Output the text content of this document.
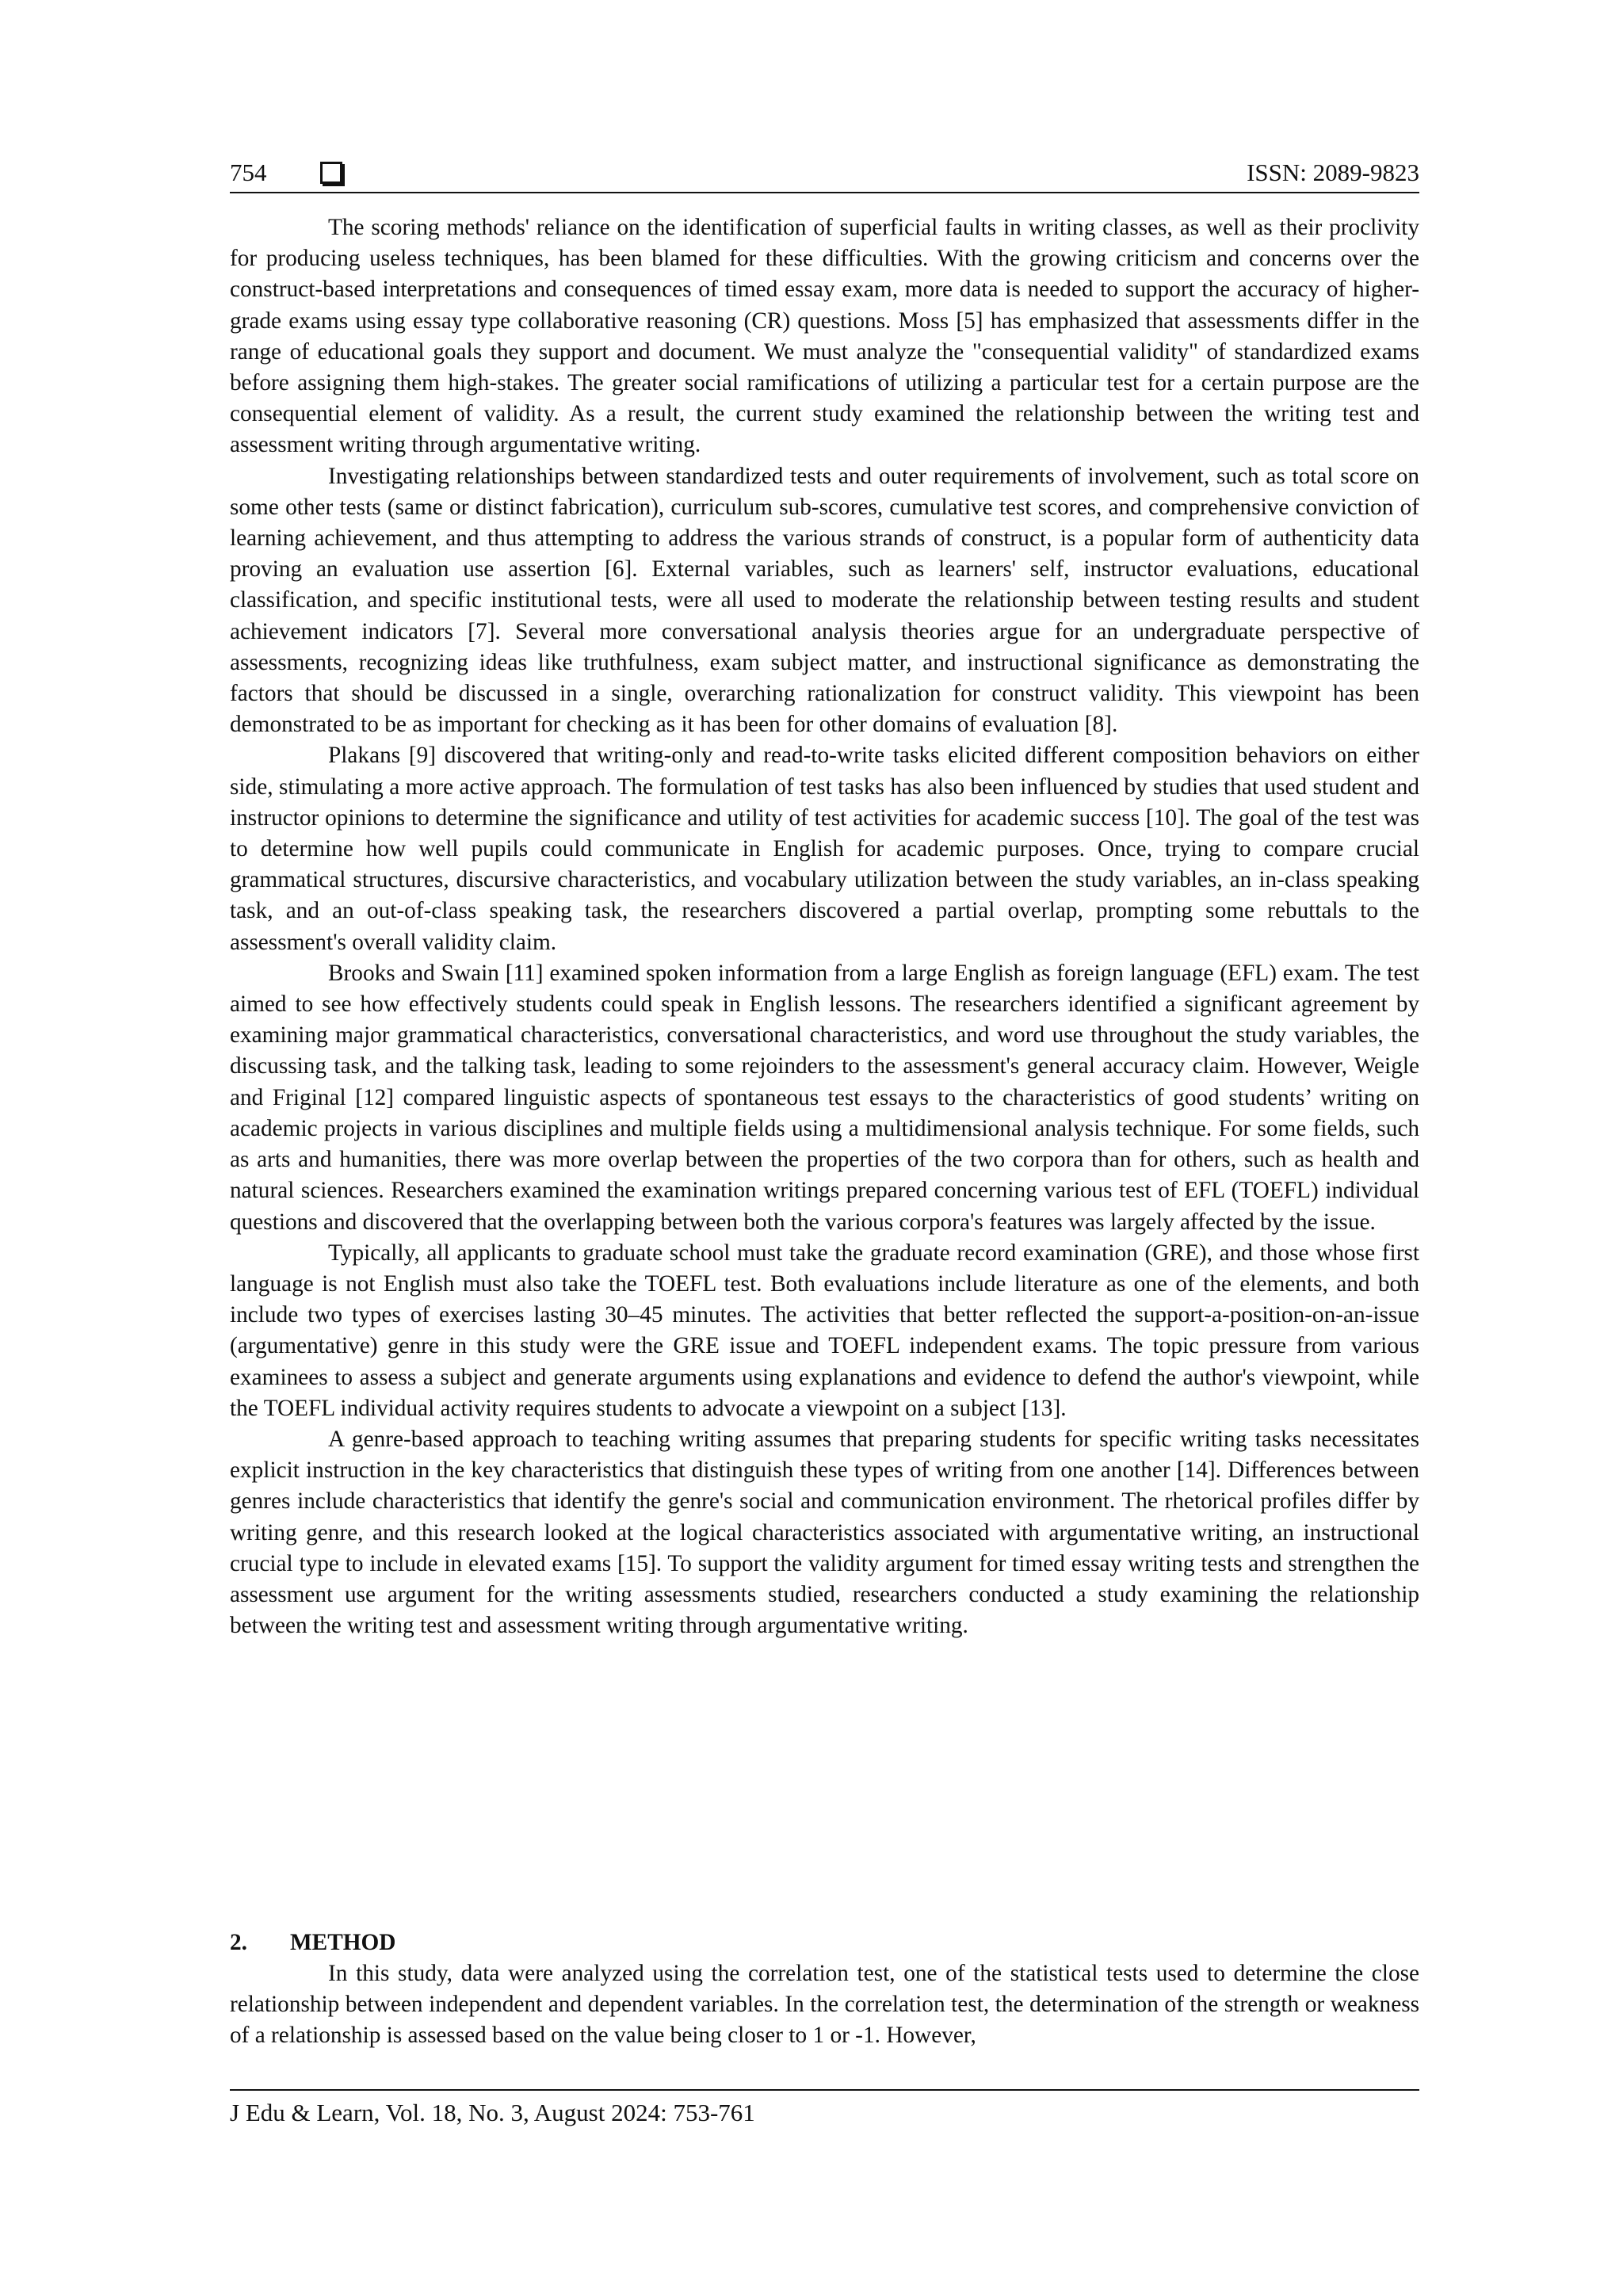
754	ISSN: 2089-9823

The scoring methods' reliance on the identification of superficial faults in writing classes, as well as their proclivity for producing useless techniques, has been blamed for these difficulties. With the growing criticism and concerns over the construct-based interpretations and consequences of timed essay exam, more data is needed to support the accuracy of higher-grade exams using essay type collaborative reasoning (CR) questions. Moss [5] has emphasized that assessments differ in the range of educational goals they support and document. We must analyze the "consequential validity" of standardized exams before assigning them high-stakes. The greater social ramifications of utilizing a particular test for a certain purpose are the consequential element of validity. As a result, the current study examined the relationship between the writing test and assessment writing through argumentative writing.

Investigating relationships between standardized tests and outer requirements of involvement, such as total score on some other tests (same or distinct fabrication), curriculum sub-scores, cumulative test scores, and comprehensive conviction of learning achievement, and thus attempting to address the various strands of construct, is a popular form of authenticity data proving an evaluation use assertion [6]. External variables, such as learners' self, instructor evaluations, educational classification, and specific institutional tests, were all used to moderate the relationship between testing results and student achievement indicators [7]. Several more conversational analysis theories argue for an undergraduate perspective of assessments, recognizing ideas like truthfulness, exam subject matter, and instructional significance as demonstrating the factors that should be discussed in a single, overarching rationalization for construct validity. This viewpoint has been demonstrated to be as important for checking as it has been for other domains of evaluation [8].

Plakans [9] discovered that writing-only and read-to-write tasks elicited different composition behaviors on either side, stimulating a more active approach. The formulation of test tasks has also been influenced by studies that used student and instructor opinions to determine the significance and utility of test activities for academic success [10]. The goal of the test was to determine how well pupils could communicate in English for academic purposes. Once, trying to compare crucial grammatical structures, discursive characteristics, and vocabulary utilization between the study variables, an in-class speaking task, and an out-of-class speaking task, the researchers discovered a partial overlap, prompting some rebuttals to the assessment's overall validity claim.

Brooks and Swain [11] examined spoken information from a large English as foreign language (EFL) exam. The test aimed to see how effectively students could speak in English lessons. The researchers identified a significant agreement by examining major grammatical characteristics, conversational characteristics, and word use throughout the study variables, the discussing task, and the talking task, leading to some rejoinders to the assessment's general accuracy claim. However, Weigle and Friginal [12] compared linguistic aspects of spontaneous test essays to the characteristics of good students’ writing on academic projects in various disciplines and multiple fields using a multidimensional analysis technique. For some fields, such as arts and humanities, there was more overlap between the properties of the two corpora than for others, such as health and natural sciences. Researchers examined the examination writings prepared concerning various test of EFL (TOEFL) individual questions and discovered that the overlapping between both the various corpora's features was largely affected by the issue.

Typically, all applicants to graduate school must take the graduate record examination (GRE), and those whose first language is not English must also take the TOEFL test. Both evaluations include literature as one of the elements, and both include two types of exercises lasting 30–45 minutes. The activities that better reflected the support-a-position-on-an-issue (argumentative) genre in this study were the GRE issue and TOEFL independent exams. The topic pressure from various examinees to assess a subject and generate arguments using explanations and evidence to defend the author's viewpoint, while the TOEFL individual activity requires students to advocate a viewpoint on a subject [13].

A genre-based approach to teaching writing assumes that preparing students for specific writing tasks necessitates explicit instruction in the key characteristics that distinguish these types of writing from one another [14]. Differences between genres include characteristics that identify the genre's social and communication environment. The rhetorical profiles differ by writing genre, and this research looked at the logical characteristics associated with argumentative writing, an instructional crucial type to include in elevated exams [15]. To support the validity argument for timed essay writing tests and strengthen the assessment use argument for the writing assessments studied, researchers conducted a study examining the relationship between the writing test and assessment writing through argumentative writing.

2. METHOD

In this study, data were analyzed using the correlation test, one of the statistical tests used to determine the close relationship between independent and dependent variables. In the correlation test, the determination of the strength or weakness of a relationship is assessed based on the value being closer to 1 or -1. However,

J Edu & Learn, Vol. 18, No. 3, August 2024: 753-761
